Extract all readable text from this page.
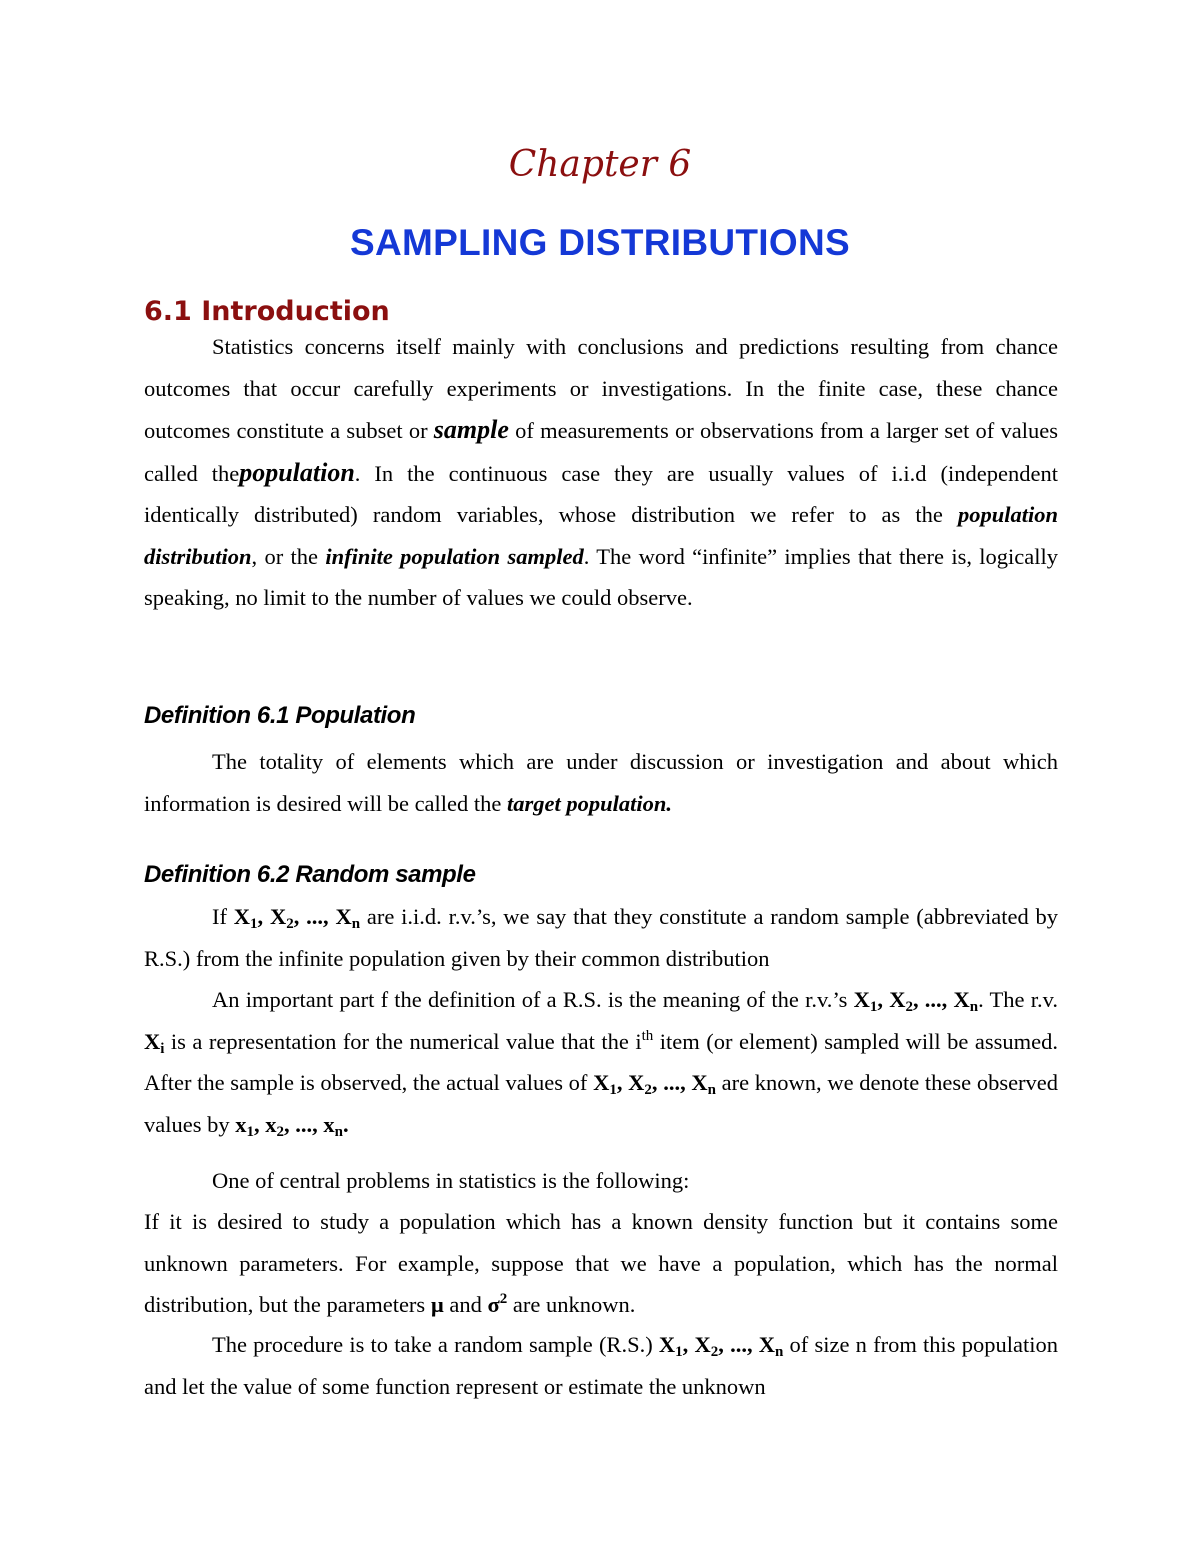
Chapter 6
SAMPLING DISTRIBUTIONS
6.1 Introduction
Statistics concerns itself mainly with conclusions and predictions resulting from chance outcomes that occur carefully experiments or investigations. In the finite case, these chance outcomes constitute a subset or sample of measurements or observations from a larger set of values called thepopulation. In the continuous case they are usually values of i.i.d (independent identically distributed) random variables, whose distribution we refer to as the population distribution, or the infinite population sampled. The word “infinite” implies that there is, logically speaking, no limit to the number of values we could observe.
Definition 6.1 Population
The totality of elements which are under discussion or investigation and about which information is desired will be called the target population.
Definition 6.2 Random sample
If $X_1$, $X_2$, ..., $X_n$ are i.i.d. r.v.’s, we say that they constitute a random sample (abbreviated by R.S.) from the infinite population given by their common distribution
An important part f the definition of a R.S. is the meaning of the r.v.’s $X_1$, $X_2$, ..., $X_n$. The r.v. $X_i$ is a representation for the numerical value that the $i^{th}$ item (or element) sampled will be assumed. After the sample is observed, the actual values of $X_1$, $X_2$, ..., $X_n$ are known, we denote these observed values by $x_1$, $x_2$, ..., $x_n$.
One of central problems in statistics is the following:
If it is desired to study a population which has a known density function but it contains some unknown parameters. For example, suppose that we have a population, which has the normal distribution, but the parameters µ and $\sigma^2$ are unknown.
The procedure is to take a random sample (R.S.) $X_1$, $X_2$, ..., $X_n$ of size n from this population and let the value of some function represent or estimate the unknown
